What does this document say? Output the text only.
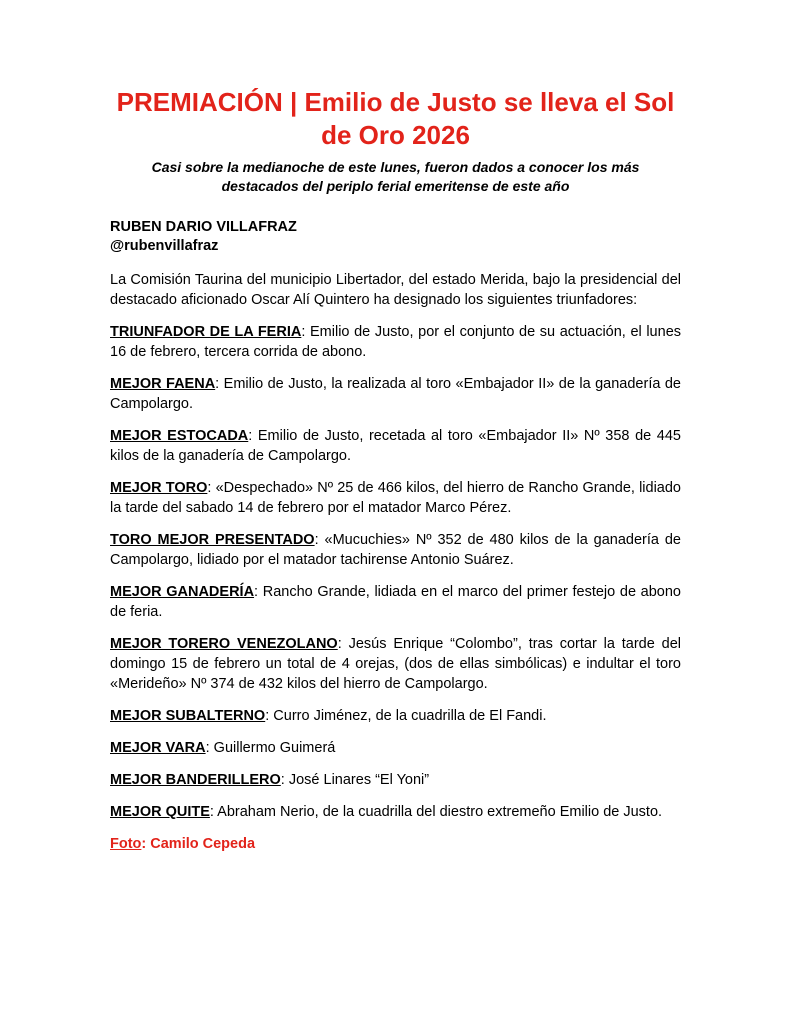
PREMIACIÓN | Emilio de Justo se lleva el Sol de Oro 2026

Casi sobre la medianoche de este lunes, fueron dados a conocer los más destacados del periplo ferial emeritense de este año

RUBEN DARIO VILLAFRAZ
@rubenvillafraz

La Comisión Taurina del municipio Libertador, del estado Merida, bajo la presidencial del destacado aficionado Oscar Alí Quintero ha designado los siguientes triunfadores:

TRIUNFADOR DE LA FERIA: Emilio de Justo, por el conjunto de su actuación, el lunes 16 de febrero, tercera corrida de abono.

MEJOR FAENA: Emilio de Justo, la realizada al toro «Embajador II» de la ganadería de Campolargo.

MEJOR ESTOCADA: Emilio de Justo, recetada al toro «Embajador II» Nº 358 de 445 kilos de la ganadería de Campolargo.

MEJOR TORO: «Despechado» Nº 25 de 466 kilos, del hierro de Rancho Grande, lidiado la tarde del sabado 14 de febrero por el matador Marco Pérez.

TORO MEJOR PRESENTADO: «Mucuchies» Nº 352 de 480 kilos de la ganadería de Campolargo, lidiado por el matador tachirense Antonio Suárez.

MEJOR GANADERÍA: Rancho Grande, lidiada en el marco del primer festejo de abono de feria.

MEJOR TORERO VENEZOLANO: Jesús Enrique “Colombo”, tras cortar la tarde del domingo 15 de febrero un total de 4 orejas, (dos de ellas simbólicas) e indultar el toro «Merideño» Nº 374 de 432 kilos del hierro de Campolargo.

MEJOR SUBALTERNO: Curro Jiménez, de la cuadrilla de El Fandi.

MEJOR VARA: Guillermo Guimerá

MEJOR BANDERILLERO: José Linares “El Yoni”

MEJOR QUITE: Abraham Nerio, de la cuadrilla del diestro extremeño Emilio de Justo.

Foto: Camilo Cepeda
